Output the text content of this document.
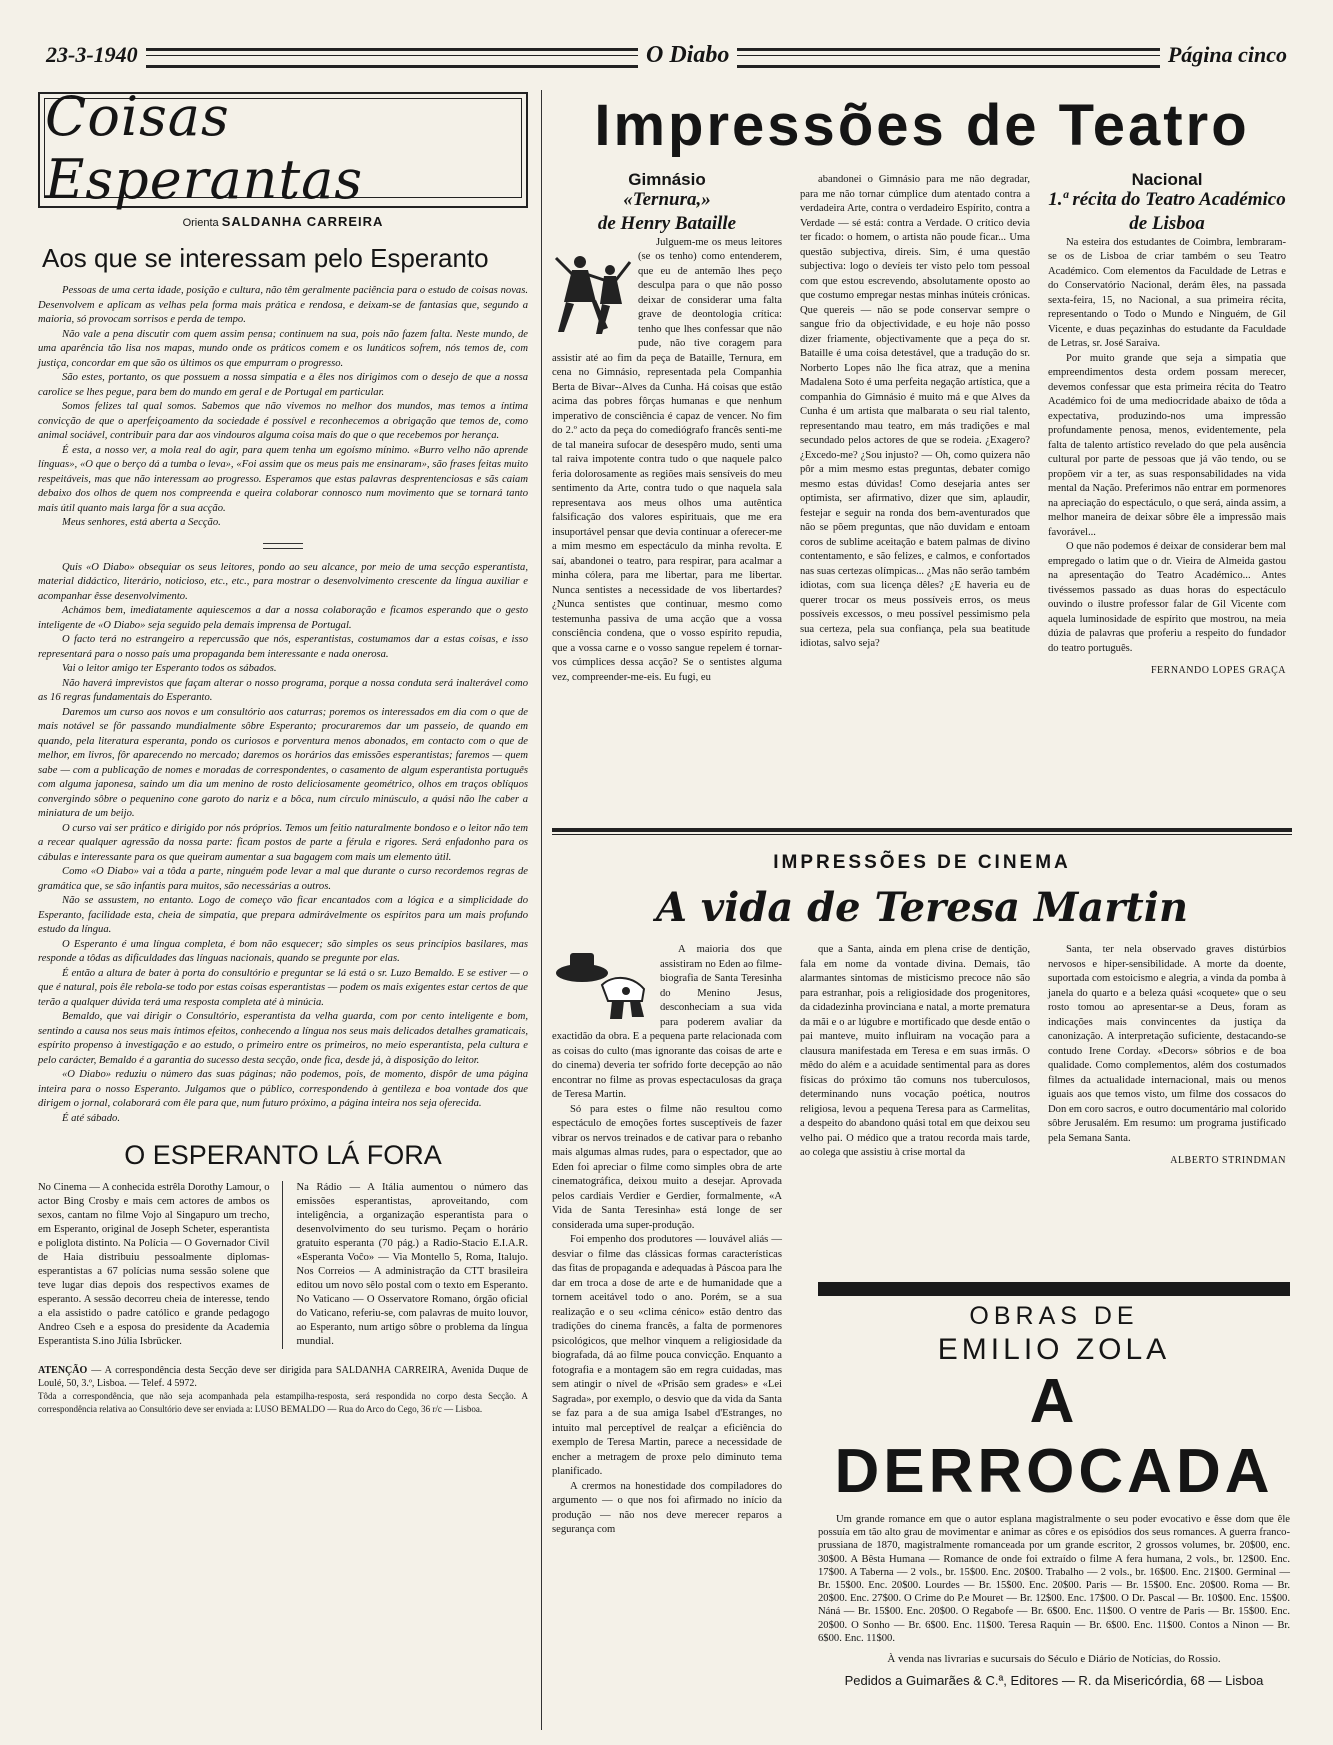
23-3-1940	O Diabo	Página cinco
Coisas Esperantas
Orienta SALDANHA CARREIRA
Aos que se interessam pelo Esperanto

Pessoas de uma certa idade, posição e cultura, não têm geralmente paciência para o estudo de coisas novas. Desenvolvem e aplicam as velhas pela forma mais prática e rendosa, e deixam-se de fantasias que, segundo a maioria, só provocam sorrisos e perda de tempo.

Não vale a pena discutir com quem assim pensa; continuem na sua, pois não fazem falta. Neste mundo, de uma aparência tão lisa nos mapas, mundo onde os práticos comem e os lunáticos sofrem, nós temos de, com justiça, concordar em que são os últimos os que empurram o progresso.

São estes, portanto, os que possuem a nossa simpatia e a êles nos dirigimos com o desejo de que a nossa carolice se lhes pegue, para bem do mundo em geral e de Portugal em particular.

Somos felizes tal qual somos. Sabemos que não vivemos no melhor dos mundos, mas temos a íntima convicção de que o aperfeiçoamento da sociedade é possível e reconhecemos a obrigação que temos de, como animal sociável, contribuir para dar aos vindouros alguma coisa mais do que o que recebemos por herança.

É esta, a nosso ver, a mola real do agir, para quem tenha um egoísmo mínimo. «Burro velho não aprende línguas», «O que o berço dá a tumba o leva», «Foi assim que os meus pais me ensinaram», são frases feitas muito respeitáveis, mas que não interessam ao progresso. Esperamos que estas palavras desprentenciosas e sãs caiam debaixo dos olhos de quem nos compreenda e queira colaborar connosco num movimento que se tornará tanto mais útil quanto mais larga fôr a sua acção.

Meus senhores, está aberta a Secção.

Quis «O Diabo» obsequiar os seus leitores, pondo ao seu alcance, por meio de uma secção esperantista, material didáctico, literário, noticioso, etc., etc., para mostrar o desenvolvimento crescente da língua auxiliar e acompanhar êsse desenvolvimento.

Achámos bem, imediatamente aquiescemos a dar a nossa colaboração e ficamos esperando que o gesto inteligente de «O Diabo» seja seguido pela demais imprensa de Portugal.

O facto terá no estrangeiro a repercussão que nós, esperantistas, costumamos dar a estas coisas, e isso representará para o nosso país uma propaganda bem interessante e nada onerosa.

Vai o leitor amigo ter Esperanto todos os sábados.

Não haverá imprevistos que façam alterar o nosso programa, porque a nossa conduta será inalterável como as 16 regras fundamentais do Esperanto.

Daremos um curso aos novos e um consultório aos caturras; poremos os interessados em dia com o que de mais notável se fôr passando mundialmente sôbre Esperanto; procuraremos dar um passeio, de quando em quando, pela literatura esperanta, pondo os curiosos e porventura menos abonados, em contacto com o que de melhor, em livros, fôr aparecendo no mercado; daremos os horários das emissões esperantistas; faremos — quem sabe — com a publicação de nomes e moradas de correspondentes, o casamento de algum esperantista português com alguma japonesa, saindo um dia um menino de rosto deliciosamente geométrico, olhos em traços oblíquos convergindo sôbre o pequenino cone garoto do nariz e a bôca, num círculo minúsculo, a quási não lhe caber a miniatura de um beijo.

O curso vai ser prático e dirigido por nós próprios. Temos um feitio naturalmente bondoso e o leitor não tem a recear qualquer agressão da nossa parte: ficam postos de parte a férula e rigores. Será enfadonho para os cábulas e interessante para os que queiram aumentar a sua bagagem com mais um elemento útil.

Como «O Diabo» vai a tôda a parte, ninguém pode levar a mal que durante o curso recordemos regras de gramática que, se são infantis para muitos, são necessárias a outros.

Não se assustem, no entanto. Logo de começo vão ficar encantados com a lógica e a simplicidade do Esperanto, facilidade esta, cheia de simpatia, que prepara admirávelmente os espíritos para um mais profundo estudo da língua.

O Esperanto é uma língua completa, é bom não esquecer; são simples os seus princípios basilares, mas responde a tôdas as dificuldades das línguas nacionais, quando se pregunte por elas.

É então a altura de bater à porta do consultório e preguntar se lá está o sr. Luzo Bemaldo. E se estiver — o que é natural, pois êle rebola-se todo por estas coisas esperantistas — podem os mais exigentes estar certos de que terão a qualquer dúvida terá uma resposta completa até à minúcia.

Bemaldo, que vai dirigir o Consultório, esperantista da velha guarda, com por cento inteligente e bom, sentindo a causa nos seus mais íntimos efeitos, conhecendo a língua nos seus mais delicados detalhes gramaticais, espírito propenso à investigação e ao estudo, o primeiro entre os primeiros, no meio esperantista, pela cultura e pelo carácter, Bemaldo é a garantia do sucesso desta secção, onde fica, desde já, à disposição do leitor.

«O Diabo» reduziu o número das suas páginas; não podemos, pois, de momento, dispôr de uma página inteira para o nosso Esperanto. Julgamos que o público, correspondendo à gentileza e boa vontade dos que dirigem o jornal, colaborará com êle para que, num futuro próximo, a página inteira nos seja oferecida.

É até sábado.

O ESPERANTO LÁ FORA
No Cinema — A conhecida estrêla Dorothy Lamour, o actor Bing Crosby e mais cem actores de ambos os sexos, cantam no filme Vojo al Singapuro um trecho, em Esperanto, original de Joseph Scheter, esperantista e poliglota distinto. Na Polícia — O Governador Civil de Haia distribuiu pessoalmente diplomas-esperantistas a 67 polícias numa sessão solene que teve lugar dias depois dos respectivos exames de esperanto. A sessão decorreu cheia de interesse, tendo a ela assistido o padre católico e grande pedagogo Andreo Cseh e a esposa do presidente da Academia Esperantista S.ino Júlia Isbrücker.
Na Rádio — A Itália aumentou o número das emissões esperantistas, aproveitando, com inteligência, a organização esperantista para o desenvolvimento do seu turismo. Peçam o horário gratuito esperanta (70 pág.) a Radio-Stacio E.I.A.R. «Esperanta Voĉo» — Via Montello 5, Roma, Italujo. Nos Correios — A administração da CTT brasileira editou um novo sêlo postal com o texto em Esperanto. No Vaticano — O Osservatore Romano, órgão oficial do Vaticano, referiu-se, com palavras de muito louvor, ao Esperanto, num artigo sôbre o problema da língua mundial.
ATENÇÃO — A correspondência desta Secção deve ser dirigida para SALDANHA CARREIRA, Avenida Duque de Loulé, 50, 3.º, Lisboa. — Telef. 4 5972.
Tôda a correspondência, que não seja acompanhada pela estampilha-resposta, será respondida no corpo desta Secção. A correspondência relativa ao Consultório deve ser enviada a: LUSO BEMALDO — Rua do Arco do Cego, 36 r/c — Lisboa.
Impressões de Teatro
Gimnásio
«Ternura,»
de Henry Bataille

Julguem-me os meus leitores (se os tenho) como entenderem, que eu de antemão lhes peço desculpa para o que não posso deixar de considerar uma falta grave de deontologia crítica: tenho que lhes confessar que não pude, não tive coragem para assistir até ao fim da peça de Bataille, Ternura, em cena no Gimnásio, representada pela Companhia Berta de Bivar--Alves da Cunha. Há coisas que estão acima das pobres fôrças humanas e que nenhum imperativo de consciência é capaz de vencer. No fim do 2.º acto da peça do comediógrafo francês senti-me de tal maneira sufocar de desespêro mudo, senti uma tal raiva impotente contra tudo o que naquele palco feria dolorosamente as regiões mais sensíveis do meu sentimento da Arte, contra tudo o que naquela sala representava aos meus olhos uma autêntica falsificação dos valores espirituais, que me era insuportável pensar que devia continuar a oferecer-me a mim mesmo em espectáculo da minha revolta. E saí, abandonei o teatro, para respirar, para acalmar a minha cólera, para me libertar, para me libertar. Nunca sentistes a necessidade de vos libertardes? ¿Nunca sentistes que continuar, mesmo como testemunha passiva de uma acção que a vossa consciência condena, que o vosso espírito repudia, que a vossa carne e o vosso sangue repelem é tornar-vos cúmplices dessa acção? Se o sentistes alguma vez, compreender-me-eis. Eu fugi, eu

abandonei o Gimnásio para me não degradar, para me não tornar cúmplice dum atentado contra a verdadeira Arte, contra o verdadeiro Espírito, contra a Verdade — sé está: contra a Verdade. O crítico devia ter ficado: o homem, o artista não poude ficar... Uma questão subjectiva, direis. Sim, é uma questão subjectiva: logo o devíeis ter visto pelo tom pessoal com que estou escrevendo, absolutamente oposto ao que costumo empregar nestas minhas inúteis crónicas. Que quereis — não se pode conservar sempre o sangue frio da objectividade, e eu hoje não posso dizer friamente, objectivamente que a peça do sr. Bataille é uma coisa detestável, que a tradução do sr. Norberto Lopes não lhe fica atraz, que a menina Madalena Soto é uma perfeita negação artística, que a companhia do Gimnásio é muito má e que Alves da Cunha é um artista que malbarata o seu rial talento, representando mau teatro, em más tradições e mal secundado pelos actores de que se rodeia. ¿Exagero? ¿Excedo-me? ¿Sou injusto? — Oh, como quizera não pôr a mim mesmo estas preguntas, debater comigo mesmo estas dúvidas! Como desejaria antes ser optimista, ser afirmativo, dizer que sim, aplaudir, festejar e seguir na ronda dos bem-aventurados que não se põem preguntas, que não duvidam e entoam coros de sublime aceitação e batem palmas de divino contentamento, e são felizes, e calmos, e confortados nas suas certezas olímpicas... ¿Mas não serão também idiotas, com sua licença dêles? ¿E haveria eu de querer trocar os meus possíveis erros, os meus possíveis excessos, o meu possível pessimismo pela sua certeza, pela sua confiança, pela sua beatitude idiotas, salvo seja?

Nacional
1.ª récita do Teatro Académico de Lisboa

Na esteira dos estudantes de Coimbra, lembraram-se os de Lisboa de criar também o seu Teatro Académico. Com elementos da Faculdade de Letras e do Conservatório Nacional, derám êles, na passada sexta-feira, 15, no Nacional, a sua primeira récita, representando o Todo o Mundo e Ninguém, de Gil Vicente, e duas peçazinhas do estudante da Faculdade de Letras, sr. José Saraiva.

Por muito grande que seja a simpatia que empreendimentos desta ordem possam merecer, devemos confessar que esta primeira récita do Teatro Académico foi de uma mediocridade abaixo de tôda a expectativa, produzindo-nos uma impressão profundamente penosa, menos, evidentemente, pela falta de talento artístico revelado do que pela ausência cultural por parte de pessoas que já vão tendo, ou se propõem vir a ter, as suas responsabilidades na vida mental da Nação. Preferimos não entrar em pormenores na apreciação do espectáculo, o que será, ainda assim, a melhor maneira de deixar sôbre êle a impressão mais favorável...

O que não podemos é deixar de considerar bem mal empregado o latim que o dr. Vieira de Almeida gastou na apresentação do Teatro Académico... Antes tivéssemos passado as duas horas do espectáculo ouvindo o ilustre professor falar de Gil Vicente com aquela luminosidade de espírito que mostrou, na meia dúzia de palavras que proferiu a respeito do fundador do teatro português.

FERNANDO LOPES GRAÇA
IMPRESSÕES DE CINEMA
A vida de Teresa Martin

A maioria dos que assistiram no Eden ao filme-biografia de Santa Teresinha do Menino Jesus, desconheciam a sua vida para poderem avaliar da exactidão da obra. E a pequena parte relacionada com as coisas do culto (mas ignorante das coisas de arte e do cinema) deveria ter sofrido forte decepção ao não encontrar no filme as provas espectaculosas da graça de Teresa Martin.

Só para estes o filme não resultou como espectáculo de emoções fortes susceptíveis de fazer vibrar os nervos treinados e de cativar para o rebanho mais algumas almas rudes, para o espectador, que ao Eden foi apreciar o filme como simples obra de arte cinematográfica, deixou muito a desejar. Aprovada pelos cardiais Verdier e Gerdier, formalmente, «A Vida de Santa Teresinha» está longe de ser considerada uma super-produção.

Foi empenho dos produtores — louvável aliás — desviar o filme das clássicas formas características das fitas de propaganda e adequadas à Páscoa para lhe dar em troca a dose de arte e de humanidade que a tornem aceitável todo o ano. Porém, se a sua realização e o seu «clima cénico» estão dentro das tradições do cinema francês, a falta de pormenores psicológicos, que melhor vinquem a religiosidade da biografada, dá ao filme pouca convicção. Enquanto a fotografia e a montagem são em regra cuidadas, mas sem atingir o nível de «Prisão sem grades» e «Lei Sagrada», por exemplo, o desvio que da vida da Santa se faz para a de sua amiga Isabel d'Estranges, no intuito mal perceptível de realçar a eficiência do exemplo de Teresa Martin, parece a necessidade de encher a metragem de proxe pelo diminuto tema planificado.

A crermos na honestidade dos compiladores do argumento — o que nos foi afirmado no início da produção — não nos deve merecer reparos a segurança com

que a Santa, ainda em plena crise de dentição, fala em nome da vontade divina. Demais, tão alarmantes sintomas de misticismo precoce não são para estranhar, pois a religiosidade dos progenitores, da cidadezinha provinciana e natal, a morte prematura da mãi e o ar lúgubre e mortificado que desde então o pai manteve, muito influiram na vocação para a clausura manifestada em Teresa e em suas irmãs. O mêdo do além e a acuidade sentimental para as dores físicas do próximo tão comuns nos tuberculosos, determinando nuns vocação poética, noutros religiosa, levou a pequena Teresa para as Carmelitas, a despeito do abandono quási total em que deixou seu velho pai. O médico que a tratou recorda mais tarde, ao colega que assistiu à crise mortal da

Santa, ter nela observado graves distúrbios nervosos e hiper-sensibilidade. A morte da doente, suportada com estoicismo e alegria, a vinda da pomba à janela do quarto e a beleza quási «coquete» que o seu rosto tomou ao apresentar-se a Deus, foram as indicações mais convincentes da justiça da canonização. A interpretação suficiente, destacando-se contudo Irene Corday. «Decors» sóbrios e de boa qualidade. Como complementos, além dos costumados filmes da actualidade internacional, mais ou menos iguais aos que temos visto, um filme dos cossacos do Don em coro sacros, e outro documentário mal colorido sôbre Jerusalém. Em resumo: um programa justificado pela Semana Santa.

ALBERTO STRINDMAN
OBRAS DE
EMILIO ZOLA
A DERROCADA

Um grande romance em que o autor esplana magistralmente o seu poder evocativo e êsse dom que êle possuía em tão alto grau de movimentar e animar as côres e os episódios dos seus romances. A guerra franco-prussiana de 1870, magistralmente romanceada por um grande escritor, 2 grossos volumes, br. 20$00, enc. 30$00. A Bêsta Humana — Romance de onde foi extraído o filme A fera humana, 2 vols., br. 12$00. Enc. 17$00. A Taberna — 2 vols., br. 15$00. Enc. 20$00. Trabalho — 2 vols., br. 16$00. Enc. 21$00. Germinal — Br. 15$00. Enc. 20$00. Lourdes — Br. 15$00. Enc. 20$00. Paris — Br. 15$00. Enc. 20$00. Roma — Br. 20$00. Enc. 27$00. O Crime do P.e Mouret — Br. 12$00. Enc. 17$00. O Dr. Pascal — Br. 10$00. Enc. 15$00. Náná — Br. 15$00. Enc. 20$00. O Regabofe — Br. 6$00. Enc. 11$00. O ventre de Paris — Br. 15$00. Enc. 20$00. O Sonho — Br. 6$00. Enc. 11$00. Teresa Raquin — Br. 6$00. Enc. 11$00. Contos a Ninon — Br. 6$00. Enc. 11$00.

À venda nas livrarias e sucursais do Século e Diário de Notícias, do Rossio.
Pedidos a Guimarães & C.ª, Editores — R. da Misericórdia, 68 — Lisboa
